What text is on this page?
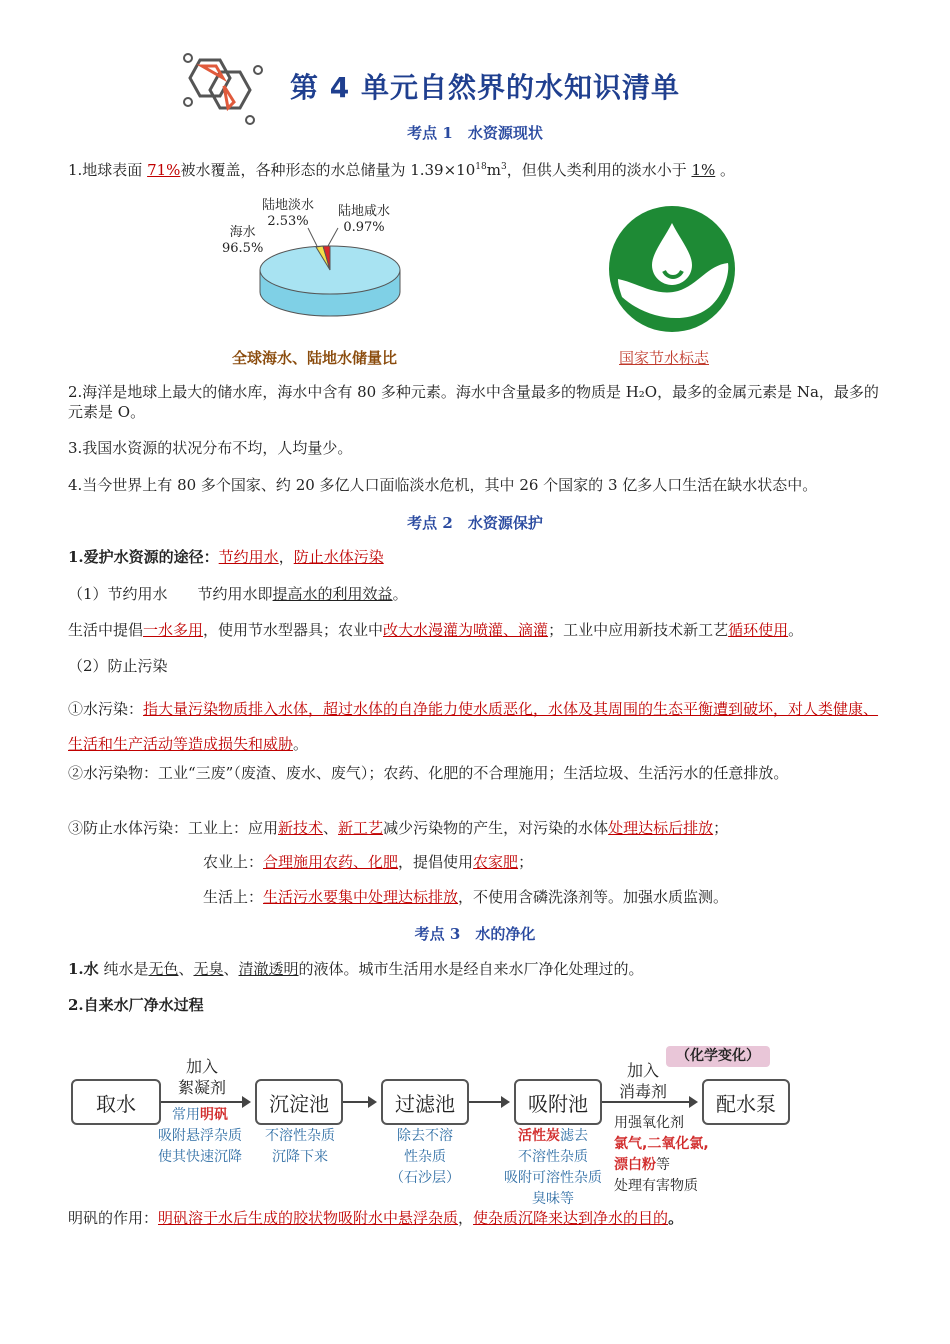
第 4 单元自然界的水知识清单
考点 1　水资源现状
1.地球表面 71%被水覆盖，各种形态的水总储量为 $1.39\times 10^{18}m^3$，但供人类利用的淡水小于 1% 。
陆地淡水
2.53%
陆地咸水
0.97%
海水
96.5%
全球海水、陆地水储量比	国家节水标志
2.海洋是地球上最大的储水库，海水中含有 80 多种元素。海水中含量最多的物质是 H₂O，最多的金属元素是 Na，最多的元素是 O。
3.我国水资源的状况分布不均，人均量少。
4.当今世界上有 80 多个国家、约 20 多亿人口面临淡水危机，其中 26 个国家的 3 亿多人口生活在缺水状态中。
考点 2　水资源保护
1.爱护水资源的途径：节约用水，防止水体污染
（1）节约用水　　节约用水即提高水的利用效益。
生活中提倡一水多用，使用节水型器具；农业中改大水漫灌为喷灌、滴灌；工业中应用新技术新工艺循环使用。
（2）防止污染
①水污染：指大量污染物质排入水体，超过水体的自净能力使水质恶化，水体及其周围的生态平衡遭到破坏，对人类健康、生活和生产活动等造成损失和威胁。
②水污染物：工业“三废”（废渣、废水、废气）；农药、化肥的不合理施用；生活垃圾、生活污水的任意排放。
③防止水体污染：工业上：应用新技术、新工艺减少污染物的产生，对污染的水体处理达标后排放；
农业上：合理施用农药、化肥，提倡使用农家肥；
生活上：生活污水要集中处理达标排放，不使用含磷洗涤剂等。加强水质监测。
考点 3　水的净化
1.水 纯水是无色、无臭、清澈透明的液体。城市生活用水是经自来水厂净化处理过的。
2.自来水厂净水过程
取水	沉淀池	过滤池	吸附池	配水泵
加入
絮凝剂
常用明矾
吸附悬浮杂质
使其快速沉降
不溶性杂质
沉降下来
除去不溶
性杂质
（石沙层）
活性炭滤去
不溶性杂质
吸附可溶性杂质
臭味等
加入
消毒剂
（化学变化）
用强氧化剂
氯气,二氧化氯,
漂白粉等
处理有害物质
明矾的作用：明矾溶于水后生成的胶状物吸附水中悬浮杂质，使杂质沉降来达到净水的目的。
